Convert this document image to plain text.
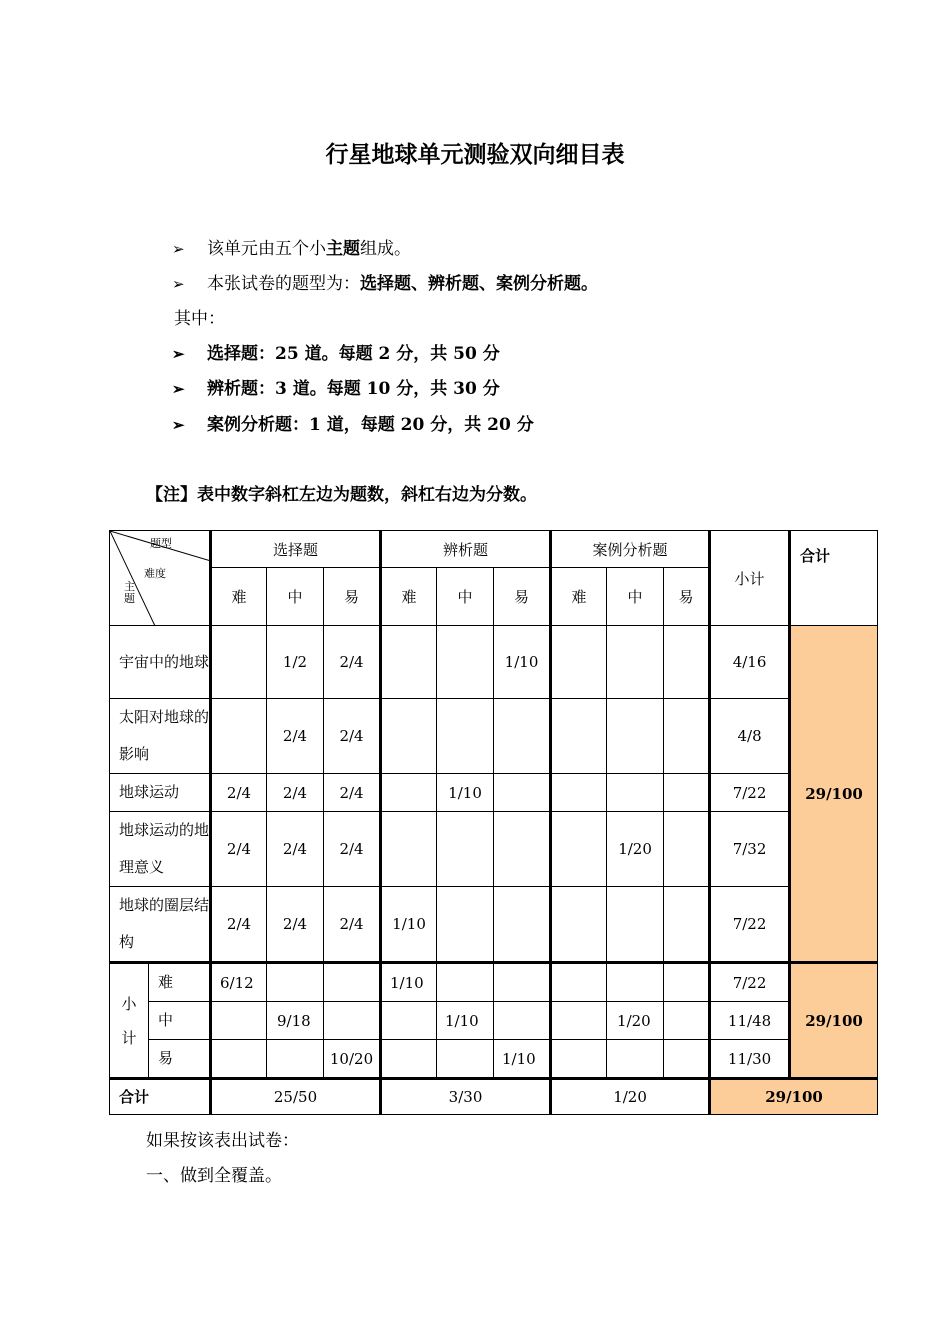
行星地球单元测验双向细目表
➢ 该单元由五个小主题组成。
➢ 本张试卷的题型为：选择题、辨析题、案例分析题。
其中：
➢ 选择题：25 道。每题 2 分，共 50 分
➢ 辨析题：3 道。每题 10 分，共 30 分
➢ 案例分析题：1 道，每题 20 分，共 20 分
【注】表中数字斜杠左边为题数，斜杠右边为分数。
题型
难度
主
题		选择题			辨析题			案例分析题			小计	合计
		难	中	易	难	中	易	难	中	易		
宇宙中的地球			1/2	2/4			1/10				4/16	29/100
太阳对地球的影响			2/4	2/4							4/8	
地球运动		2/4	2/4	2/4		1/10					7/22	
地球运动的地理意义		2/4	2/4	2/4					1/20		7/32	
地球的圈层结构		2/4	2/4	2/4	1/10						7/22	

小
计	难	6/12			1/10						7/22	29/100
	中		9/18			1/10			1/20		11/48	
	易			10/20			1/10				11/30	
合计		25/50			3/30			1/20			29/100	
如果按该表出试卷：
一、做到全覆盖。
